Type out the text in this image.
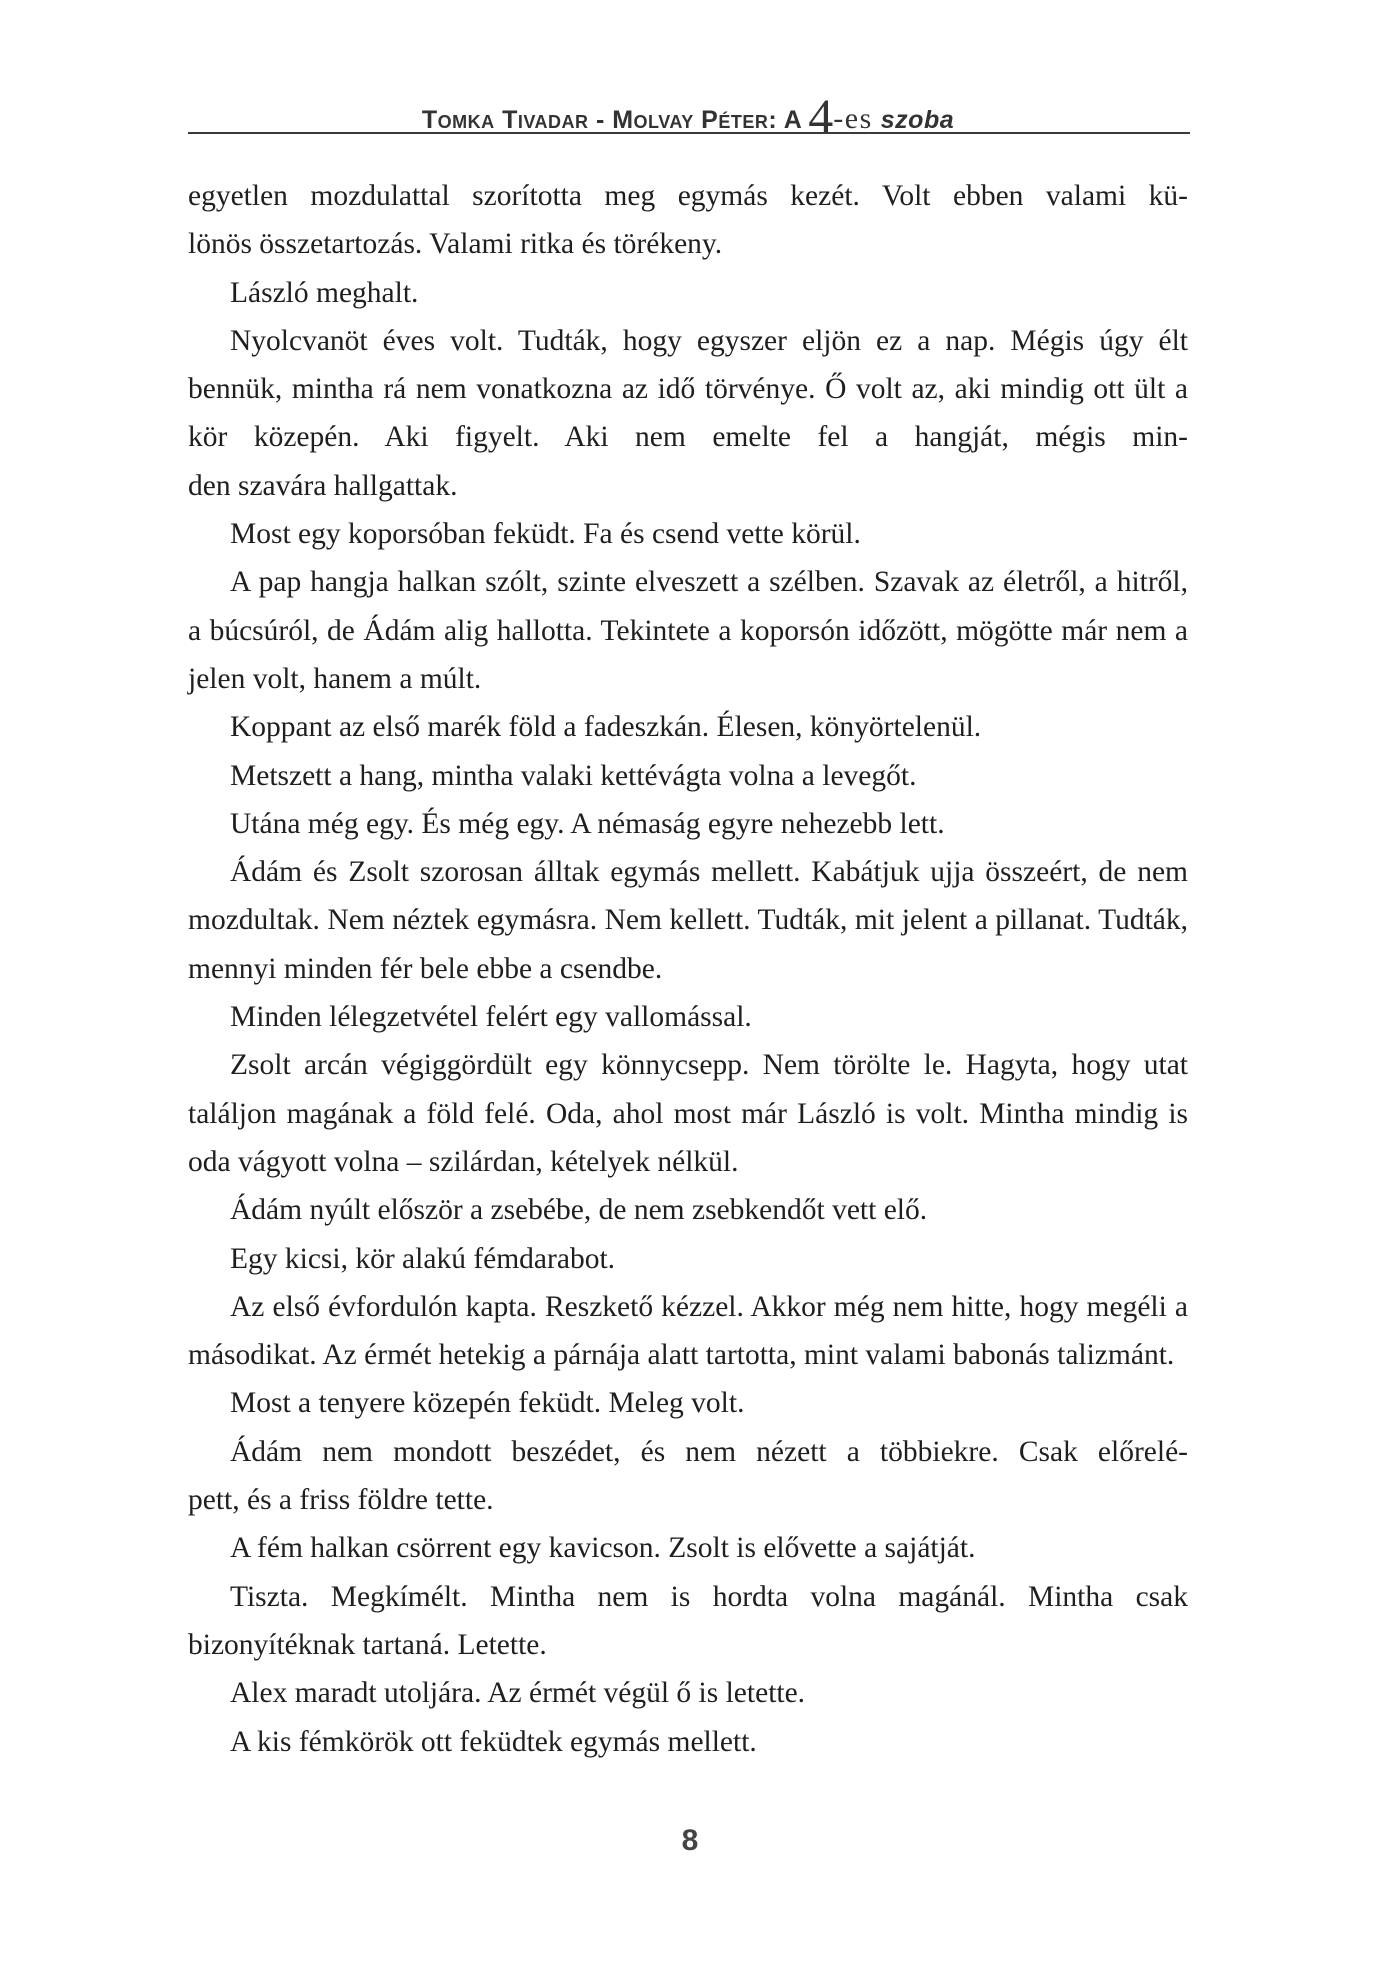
Tomka Tivadar - Molvay Péter: A 4-es szoba

egyetlen mozdulattal szorította meg egymás kezét. Volt ebben valami kü-

lönös összetartozás. Valami ritka és törékeny.

László meghalt.

Nyolcvanöt éves volt. Tudták, hogy egyszer eljön ez a nap. Mégis úgy élt bennük, mintha rá nem vonatkozna az idő törvénye. Ő volt az, aki mindig ott ült a kör közepén. Aki figyelt. Aki nem emelte fel a hangját, mégis min-

den szavára hallgattak.

Most egy koporsóban feküdt. Fa és csend vette körül.

A pap hangja halkan szólt, szinte elveszett a szélben. Szavak az életről, a hitről, a búcsúról, de Ádám alig hallotta. Tekintete a koporsón időzött, mögötte már nem a jelen volt, hanem a múlt.

Koppant az első marék föld a fadeszkán. Élesen, könyörtelenül.

Metszett a hang, mintha valaki kettévágta volna a levegőt.

Utána még egy. És még egy. A némaság egyre nehezebb lett.

Ádám és Zsolt szorosan álltak egymás mellett. Kabátjuk ujja összeért, de nem mozdultak. Nem néztek egymásra. Nem kellett. Tudták, mit jelent a pillanat. Tudták, mennyi minden fér bele ebbe a csendbe.

Minden lélegzetvétel felért egy vallomással.

Zsolt arcán végiggördült egy könnycsepp. Nem törölte le. Hagyta, hogy utat találjon magának a föld felé. Oda, ahol most már László is volt. Mintha mindig is oda vágyott volna – szilárdan, kételyek nélkül.

Ádám nyúlt először a zsebébe, de nem zsebkendőt vett elő.

Egy kicsi, kör alakú fémdarabot.

Az első évfordulón kapta. Reszkető kézzel. Akkor még nem hitte, hogy megéli a másodikat. Az érmét hetekig a párnája alatt tartotta, mint valami babonás talizmánt.

Most a tenyere közepén feküdt. Meleg volt.

Ádám nem mondott beszédet, és nem nézett a többiekre. Csak előrelé-

pett, és a friss földre tette.

A fém halkan csörrent egy kavicson. Zsolt is elővette a sajátját.

Tiszta. Megkímélt. Mintha nem is hordta volna magánál. Mintha csak bizonyítéknak tartaná. Letette.

Alex maradt utoljára. Az érmét végül ő is letette.

A kis fémkörök ott feküdtek egymás mellett.

8
